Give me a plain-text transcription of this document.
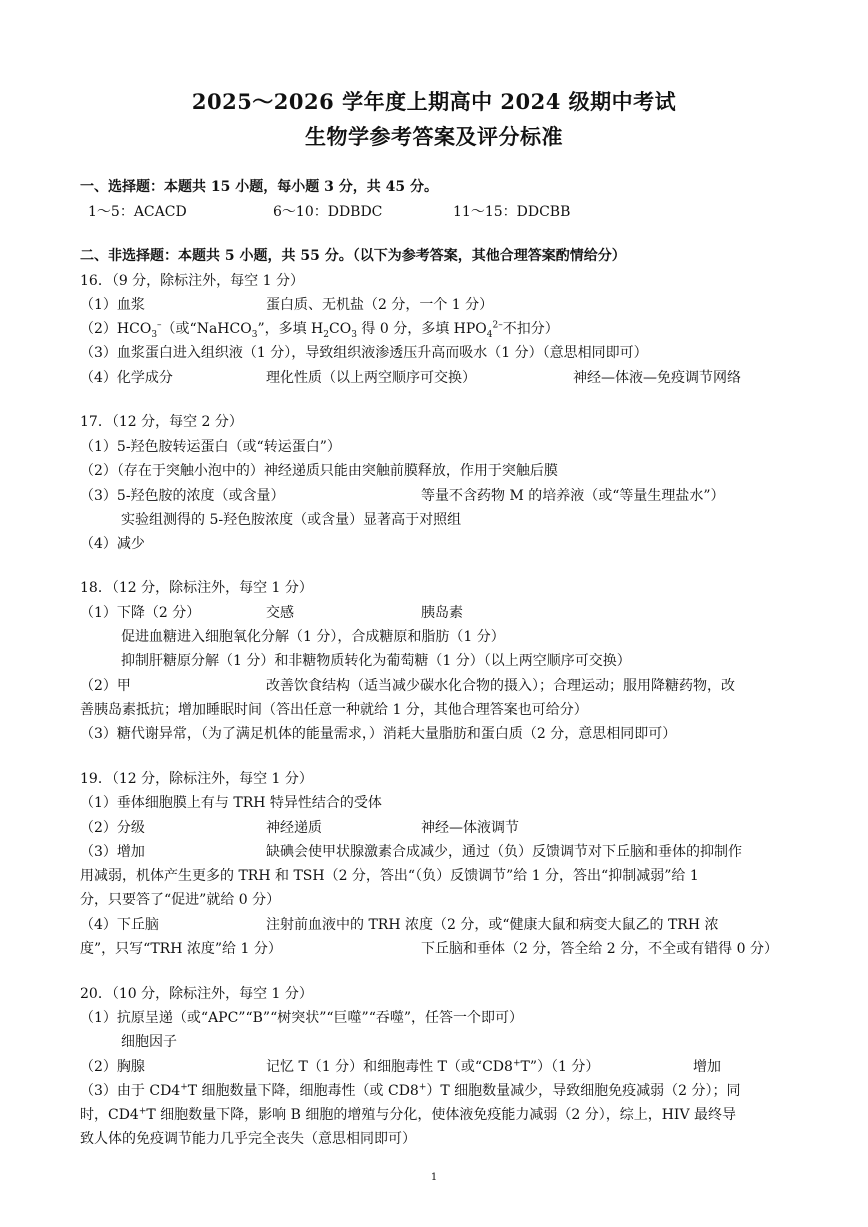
2025～2026 学年度上期高中 2024 级期中考试
生物学参考答案及评分标准
一、选择题：本题共 15 小题，每小题 3 分，共 45 分。
1～5：ACACD	6～10：DDBDC	11～15：DDCBB
二、非选择题：本题共 5 小题，共 55 分。（以下为参考答案，其他合理答案酌情给分）
16．（9 分，除标注外，每空 1 分）
（1）血浆	蛋白质、无机盐（2 分，一个 1 分）
$(2)HCO_3^-$（或“NaHCO$_3$”，多填 $H_2CO_3$ 得 0 分，多填 $HPO_4^{2-}$不扣分）
（3）血浆蛋白进入组织液（1 分），导致组织液渗透压升高而吸水（1 分）（意思相同即可）
（4）化学成分	理化性质（以上两空顺序可交换）	神经—体液—免疫调节网络
17．（12 分，每空 2 分）
（1）5-羟色胺转运蛋白（或“转运蛋白”）
（2）（存在于突触小泡中的）神经递质只能由突触前膜释放，作用于突触后膜
（3）5-羟色胺的浓度（或含量）	等量不含药物 M 的培养液（或“等量生理盐水”）
实验组测得的 5-羟色胺浓度（或含量）显著高于对照组
（4）减少
18．（12 分，除标注外，每空 1 分）
（1）下降（2 分）	交感	胰岛素
促进血糖进入细胞氧化分解（1 分），合成糖原和脂肪（1 分）
抑制肝糖原分解（1 分）和非糖物质转化为葡萄糖（1 分）（以上两空顺序可交换）
（2）甲	改善饮食结构（适当减少碳水化合物的摄入）；合理运动；服用降糖药物，改
善胰岛素抵抗；增加睡眠时间（答出任意一种就给 1 分，其他合理答案也可给分）
（3）糖代谢异常，（为了满足机体的能量需求，）消耗大量脂肪和蛋白质（2 分，意思相同即可）
19．（12 分，除标注外，每空 1 分）
（1）垂体细胞膜上有与 TRH 特异性结合的受体
（2）分级	神经递质	神经—体液调节
（3）增加	缺碘会使甲状腺激素合成减少，通过（负）反馈调节对下丘脑和垂体的抑制作
用减弱，机体产生更多的 TRH 和 TSH（2 分，答出“（负）反馈调节”给 1 分，答出“抑制减弱”给 1
分，只要答了“促进”就给 0 分）
（4）下丘脑	注射前血液中的 TRH 浓度（2 分，或“健康大鼠和病变大鼠乙的 TRH 浓
度”，只写“TRH 浓度”给 1 分）	下丘脑和垂体（2 分，答全给 2 分，不全或有错得 0 分）
20．（10 分，除标注外，每空 1 分）
（1）抗原呈递（或“APC”“B”“树突状”“巨噬”“吞噬”，任答一个即可）
细胞因子
（2）胸腺	记忆 T（1 分）和细胞毒性 T（或“CD8+T”）（1 分）	增加
（3）由于 CD4+T 细胞数量下降，细胞毒性（或 CD8+）T 细胞数量减少，导致细胞免疫减弱（2 分）；同
时，CD4+T 细胞数量下降，影响 B 细胞的增殖与分化，使体液免疫能力减弱（2 分），综上，HIV 最终导
致人体的免疫调节能力几乎完全丧失（意思相同即可）
1
